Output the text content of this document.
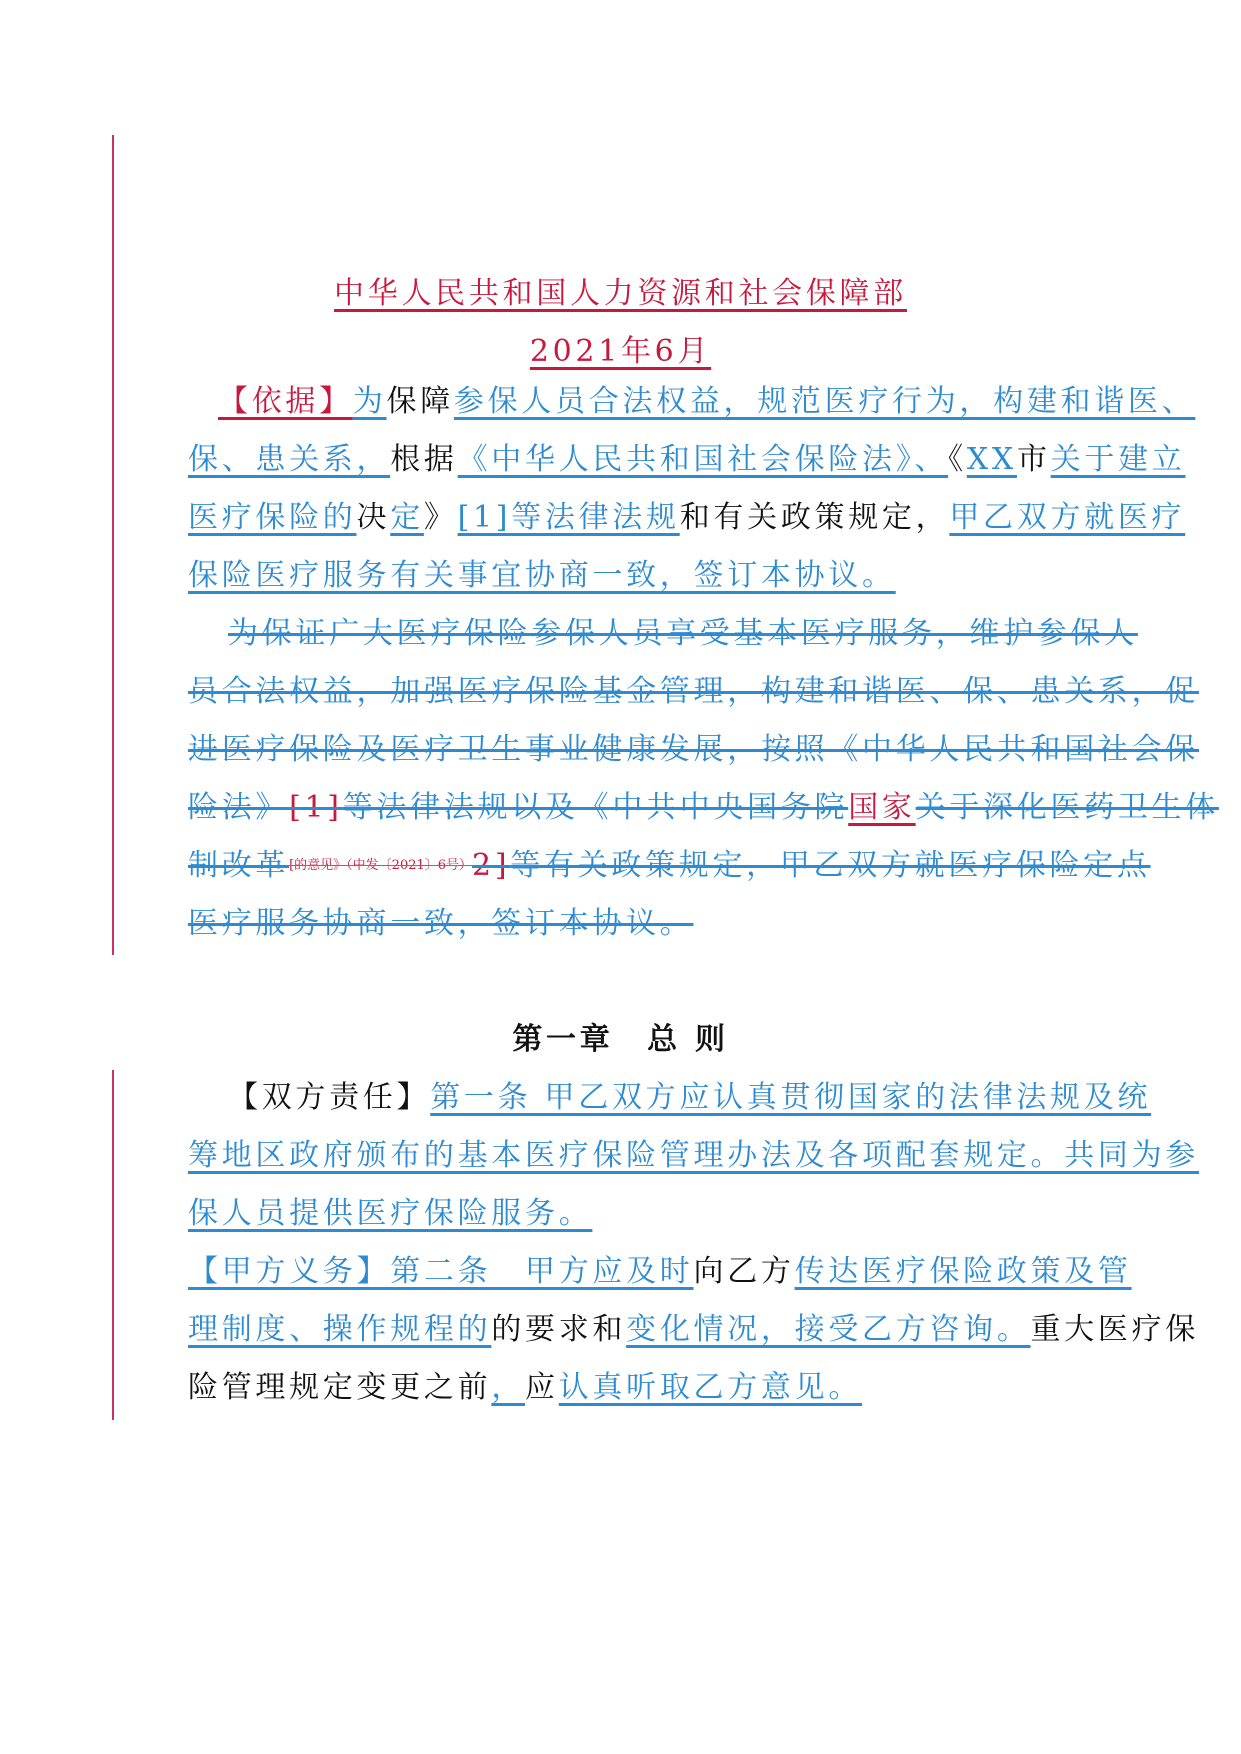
中华人民共和国人力资源和社会保障部
2021年6月
【依据】为保障参保人员合法权益，规范医疗行为，构建和谐医、
保、患关系，根据《中华人民共和国社会保险法》、《XX市关于建立
医疗保险的决定》[1]等法律法规和有关政策规定，甲乙双方就医疗
保险医疗服务有关事宜协商一致，签订本协议。
为保证广大医疗保险参保人员享受基本医疗服务，维护参保人
员合法权益，加强医疗保险基金管理，构建和谐医、保、患关系，促
进医疗保险及医疗卫生事业健康发展，按照《中华人民共和国社会保
险法》[1]等法律法规以及《中共中央国务院国家关于深化医药卫生体
制改革$^{[的意见》(中发〔2021〕6号)}$2]等有关政策规定，甲乙双方就医疗保险定点
医疗服务协商一致，签订本协议。
第一章　总 则
【双方责任】第一条 甲乙双方应认真贯彻国家的法律法规及统
筹地区政府颁布的基本医疗保险管理办法及各项配套规定。共同为参
保人员提供医疗保险服务。
【甲方义务】第二条　甲方应及时向乙方传达医疗保险政策及管
理制度、操作规程的的要求和变化情况，接受乙方咨询。重大医疗保
险管理规定变更之前，应认真听取乙方意见。
